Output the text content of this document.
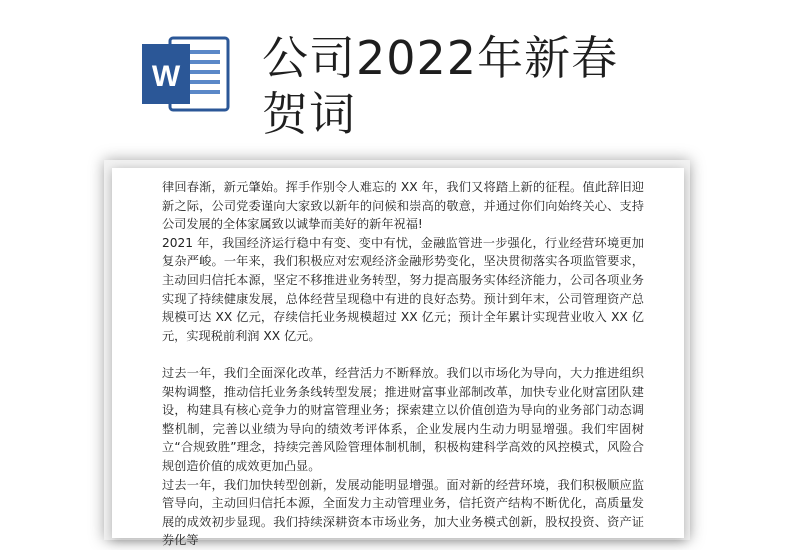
W 公司2022年新春
贺词

律回春渐，新元肇始。挥手作别令人难忘的 XX 年，我们又将踏上新的征程。值此辞旧迎新之际，公司党委谨向大家致以新年的问候和崇高的敬意，并通过你们向始终关心、支持公司发展的全体家属致以诚挚而美好的新年祝福!

2021 年，我国经济运行稳中有变、变中有忧，金融监管进一步强化，行业经营环境更加复杂严峻。一年来，我们积极应对宏观经济金融形势变化，坚决贯彻落实各项监管要求，主动回归信托本源，坚定不移推进业务转型，努力提高服务实体经济能力，公司各项业务实现了持续健康发展，总体经营呈现稳中有进的良好态势。预计到年末，公司管理资产总规模可达 XX 亿元，存续信托业务规模超过 XX 亿元；预计全年累计实现营业收入 XX 亿元，实现税前利润 XX 亿元。

过去一年，我们全面深化改革，经营活力不断释放。我们以市场化为导向，大力推进组织架构调整，推动信托业务条线转型发展；推进财富事业部制改革，加快专业化财富团队建设，构建具有核心竞争力的财富管理业务；探索建立以价值创造为导向的业务部门动态调整机制，完善以业绩为导向的绩效考评体系，企业发展内生动力明显增强。我们牢固树立“合规致胜”理念，持续完善风险管理体制机制，积极构建科学高效的风控模式，风险合规创造价值的成效更加凸显。

过去一年，我们加快转型创新，发展动能明显增强。面对新的经营环境，我们积极顺应监管导向，主动回归信托本源，全面发力主动管理业务，信托资产结构不断优化，高质量发展的成效初步显现。我们持续深耕资本市场业务，加大业务模式创新，股权投资、资产证券化等
